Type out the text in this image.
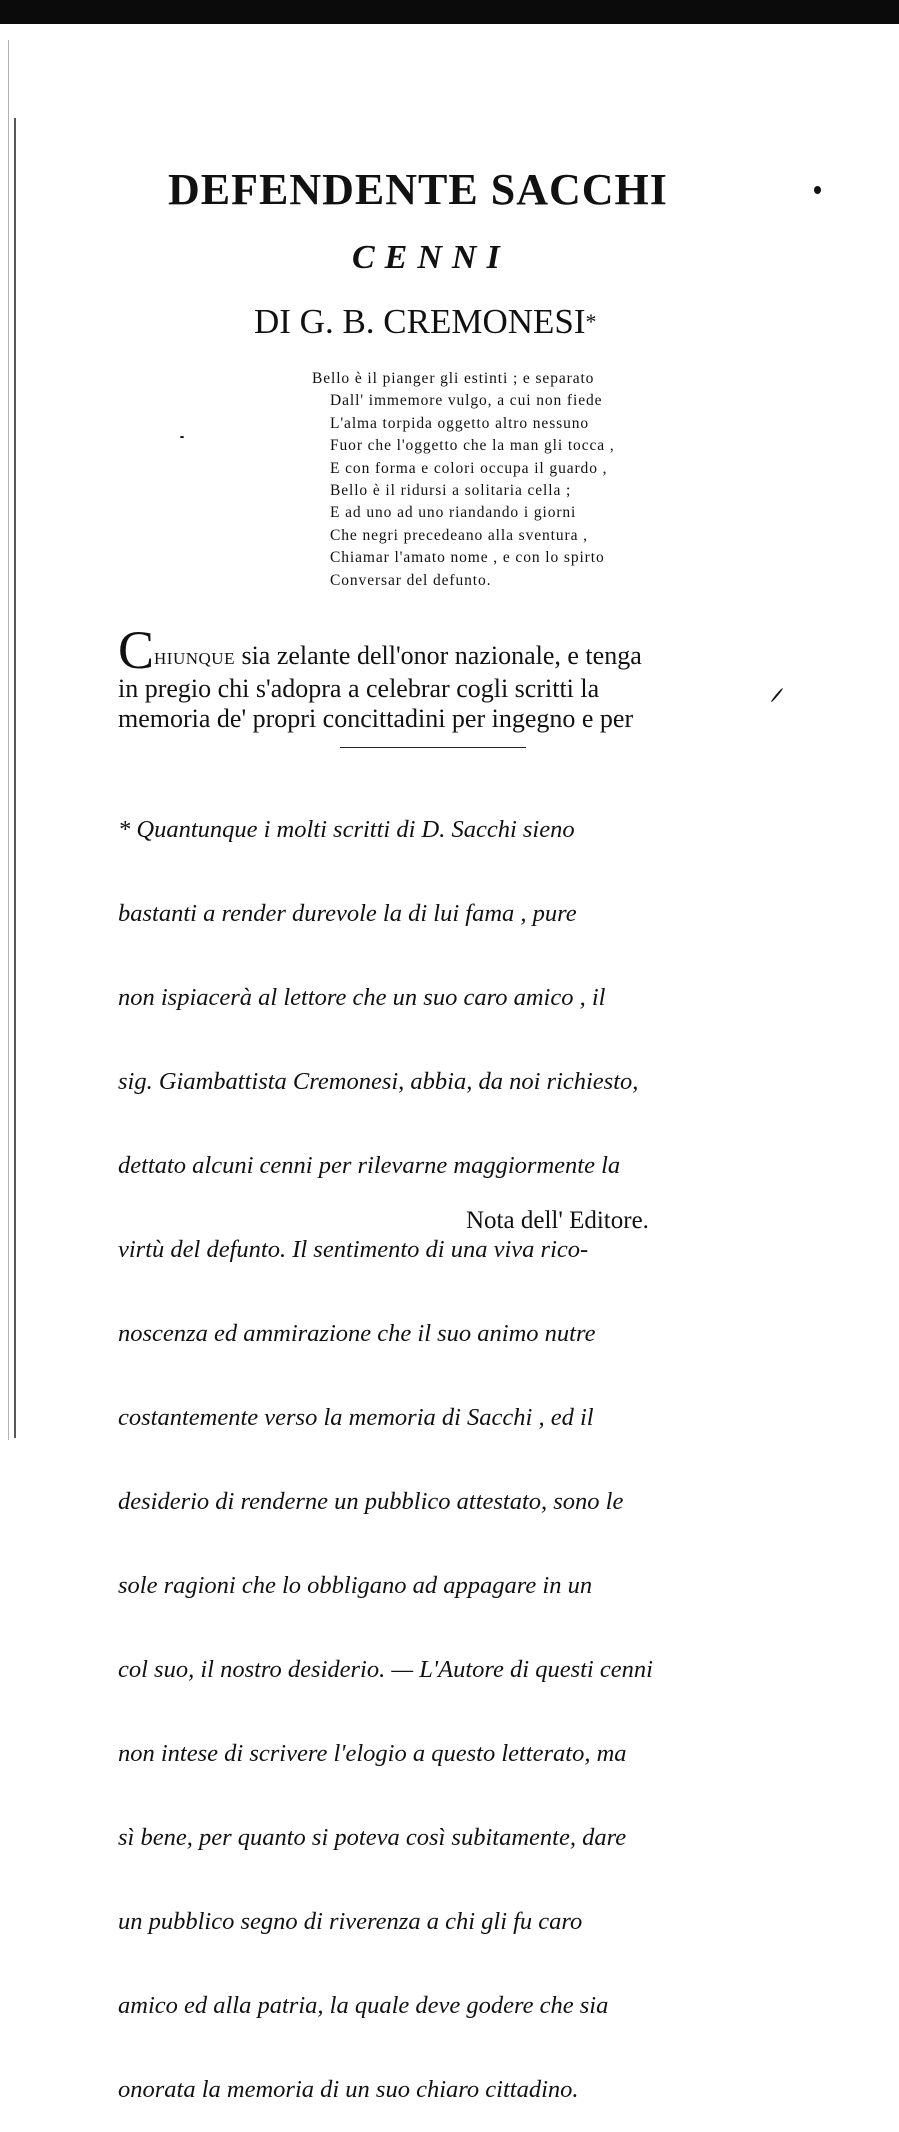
DEFENDENTE SACCHI
CENNI
DI G. B. CREMONESI*
Bello è il pianger gli estinti ; e separato
Dall' immemore vulgo, a cui non fiede
L'alma torpida oggetto altro nessuno
Fuor che l'oggetto che la man gli tocca ,
E con forma e colori occupa il guardo ,
Bello è il ridursi a solitaria cella ;
E ad uno ad uno riandando i giorni
Che negri precedeano alla sventura ,
Chiamar l'amato nome , e con lo spirto
Conversar del defunto.
CHIUNQUE sia zelante dell'onor nazionale, e tenga
in pregio chi s'adopra a celebrar cogli scritti la
memoria de' propri concittadini per ingegno e per

* Quantunque i molti scritti di D. Sacchi sieno

bastanti a render durevole la di lui fama , pure

non ispiacerà al lettore che un suo caro amico , il

sig. Giambattista Cremonesi, abbia, da noi richiesto,

dettato alcuni cenni per rilevarne maggiormente la

virtù del defunto. Il sentimento di una viva rico-

noscenza ed ammirazione che il suo animo nutre

costantemente verso la memoria di Sacchi , ed il

desiderio di renderne un pubblico attestato, sono le

sole ragioni che lo obbligano ad appagare in un

col suo, il nostro desiderio. — L'Autore di questi cenni

non intese di scrivere l'elogio a questo letterato, ma

sì bene, per quanto si poteva così subitamente, dare

un pubblico segno di riverenza a chi gli fu caro

amico ed alla patria, la quale deve godere che sia

onorata la memoria di un suo chiaro cittadino.

Nota dell' Editore.
